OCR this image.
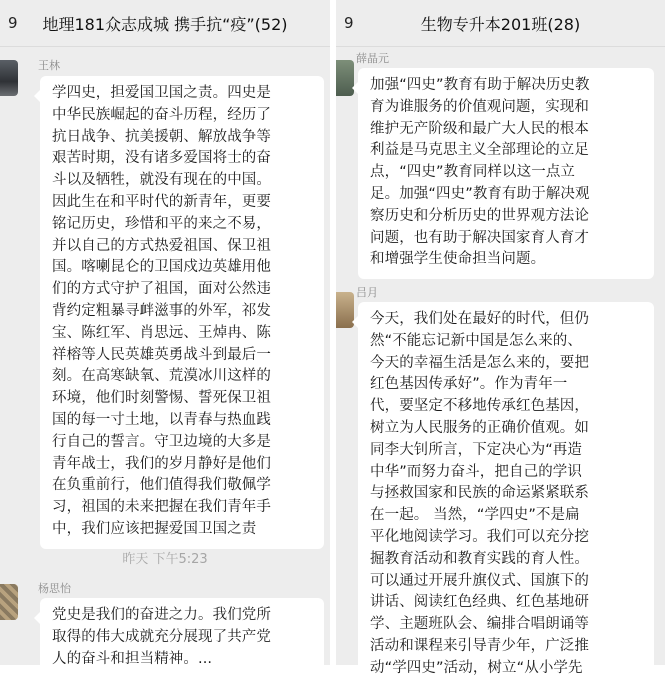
9	地理181众志成城 携手抗“疫”(52)
王林
学四史，担爱国卫国之责。四史是
中华民族崛起的奋斗历程，经历了
抗日战争、抗美援朝、解放战争等
艰苦时期，没有诸多爱国将士的奋
斗以及牺牲，就没有现在的中国。
因此生在和平时代的新青年，更要
铭记历史，珍惜和平的来之不易，
并以自己的方式热爱祖国、保卫祖
国。喀喇昆仑的卫国戍边英雄用他
们的方式守护了祖国，面对公然违
背约定粗暴寻衅滋事的外军，祁发
宝、陈红军、肖思远、王焯冉、陈
祥榕等人民英雄英勇战斗到最后一
刻。在高寒缺氧、荒漠冰川这样的
环境，他们时刻警惕、誓死保卫祖
国的每一寸土地，以青春与热血践
行自己的誓言。守卫边境的大多是
青年战士，我们的岁月静好是他们
在负重前行，他们值得我们敬佩学
习，祖国的未来把握在我们青年手
中，我们应该把握爱国卫国之责
昨天 下午5:23
杨思怡
党史是我们的奋进之力。我们党所
取得的伟大成就充分展现了共产党
人的奋斗和担当精神。...
9	生物专升本201班(28)
薛晶元
加强“四史”教育有助于解决历史教
育为谁服务的价值观问题，实现和
维护无产阶级和最广大人民的根本
利益是马克思主义全部理论的立足
点，“四史”教育同样以这一点立
足。加强“四史”教育有助于解决观
察历史和分析历史的世界观方法论
问题，也有助于解决国家育人育才
和增强学生使命担当问题。
吕月
今天，我们处在最好的时代，但仍
然“不能忘记新中国是怎么来的、
今天的幸福生活是怎么来的，要把
红色基因传承好”。作为青年一
代，要坚定不移地传承红色基因，
树立为人民服务的正确价值观。如
同李大钊所言，下定决心为“再造
中华”而努力奋斗，把自己的学识
与拯救国家和民族的命运紧紧联系
在一起。 当然，“学四史”不是扁
平化地阅读学习。我们可以充分挖
掘教育活动和教育实践的育人性。
可以通过开展升旗仪式、国旗下的
讲话、阅读红色经典、红色基地研
学、主题班队会、编排合唱朗诵等
活动和课程来引导青少年，广泛推
动“学四史”活动，树立“从小学先
